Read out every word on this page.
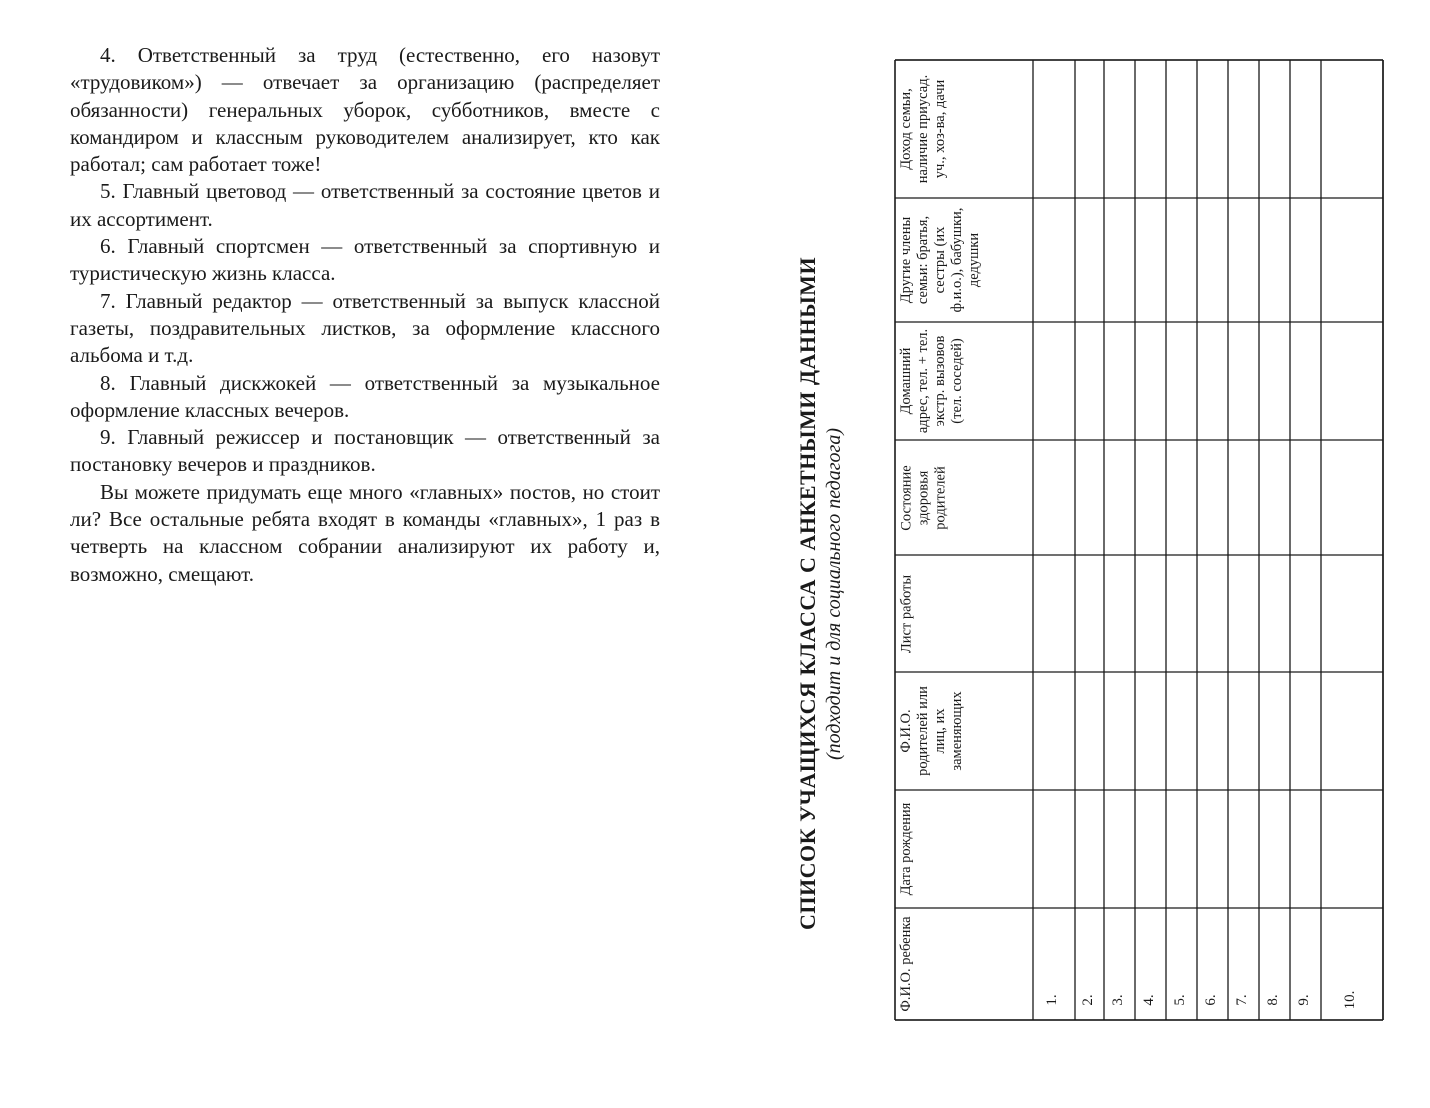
4. Ответственный за труд (естественно, его назовут «трудовиком») — отвечает за организацию (распределяет обязанности) генеральных уборок, субботников, вместе с командиром и классным руководителем анализирует, кто как работал; сам работает тоже!

5. Главный цветовод — ответственный за состояние цветов и их ассортимент.

6. Главный спортсмен — ответственный за спортивную и туристическую жизнь класса.

7. Главный редактор — ответственный за выпуск классной газеты, поздравительных листков, за оформление классного альбома и т.д.

8. Главный дискжокей — ответственный за музыкальное оформление классных вечеров.

9. Главный режиссер и постановщик — ответственный за постановку вечеров и праздников.

Вы можете придумать еще много «главных» постов, но стоит ли? Все остальные ребята входят в команды «главных», 1 раз в четверть на классном собрании анализируют их работу и, возможно, смещают.	СПИСОК УЧАЩИХСЯ КЛАССА С АНКЕТНЫМИ ДАННЫМИ (подходит и для социального педагога)
Ф.И.О. ребенка
Дата рождения
Ф.И.О. родителей или лиц, их заменяющих
Лист работы
Состояние здоровья родителей
Домашний адрес, тел. + тел. экстр. вызовов (тел. соседей)
Другие члены семьи: братья, сестры (их ф.и.о.), бабушки, дедушки
Доход семьи, наличие приусад. уч., хоз-ва, дачи
1. 2. 3. 4. 5. 6. 7. 8. 9. 10.
